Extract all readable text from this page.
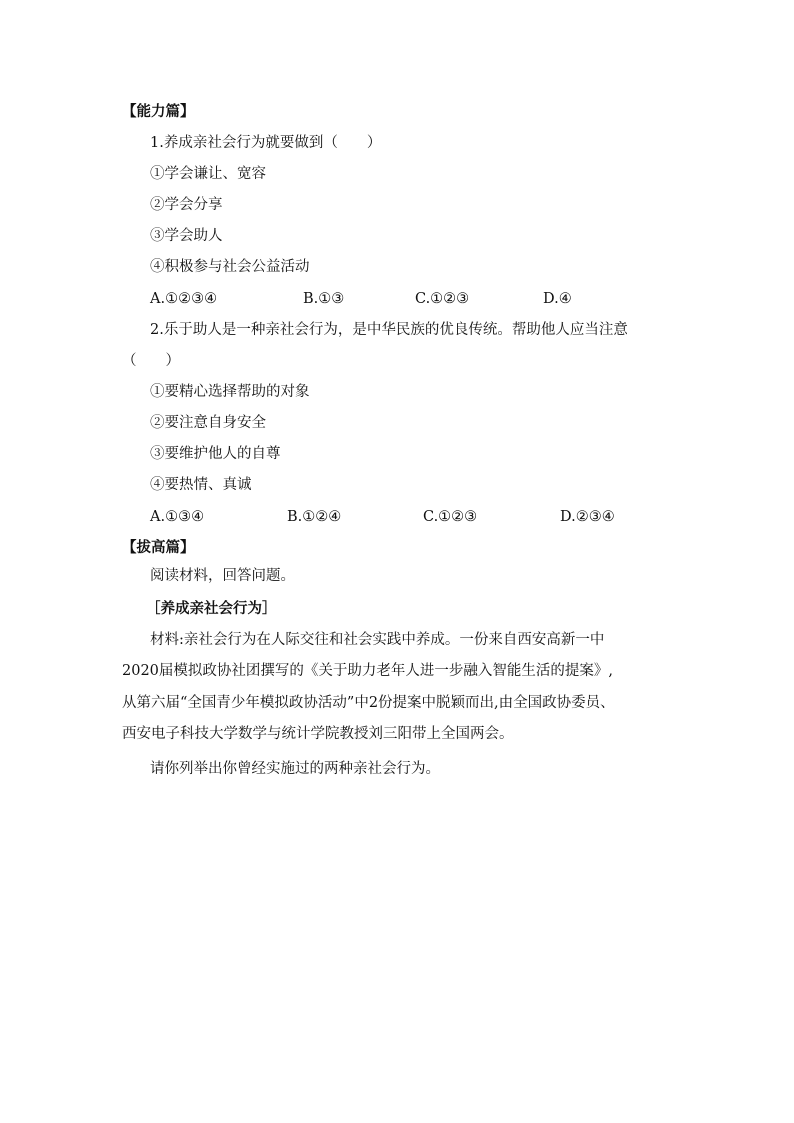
【能力篇】
1.养成亲社会行为就要做到（　　）
①学会谦让、宽容
②学会分享
③学会助人
④积极参与社会公益活动
A.①②③④	B.①③	C.①②③	D.④
2.乐于助人是一种亲社会行为，是中华民族的优良传统。帮助他人应当注意
（　　）
①要精心选择帮助的对象
②要注意自身安全
③要维护他人的自尊
④要热情、真诚
A.①③④	B.①②④	C.①②③	D.②③④
【拔高篇】
阅读材料，回答问题。
［养成亲社会行为］
材料:亲社会行为在人际交往和社会实践中养成。一份来自西安高新一中
2020届模拟政协社团撰写的《关于助力老年人进一步融入智能生活的提案》,
从第六届“全国青少年模拟政协活动”中2份提案中脱颖而出,由全国政协委员、
西安电子科技大学数学与统计学院教授刘三阳带上全国两会。
请你列举出你曾经实施过的两种亲社会行为。
